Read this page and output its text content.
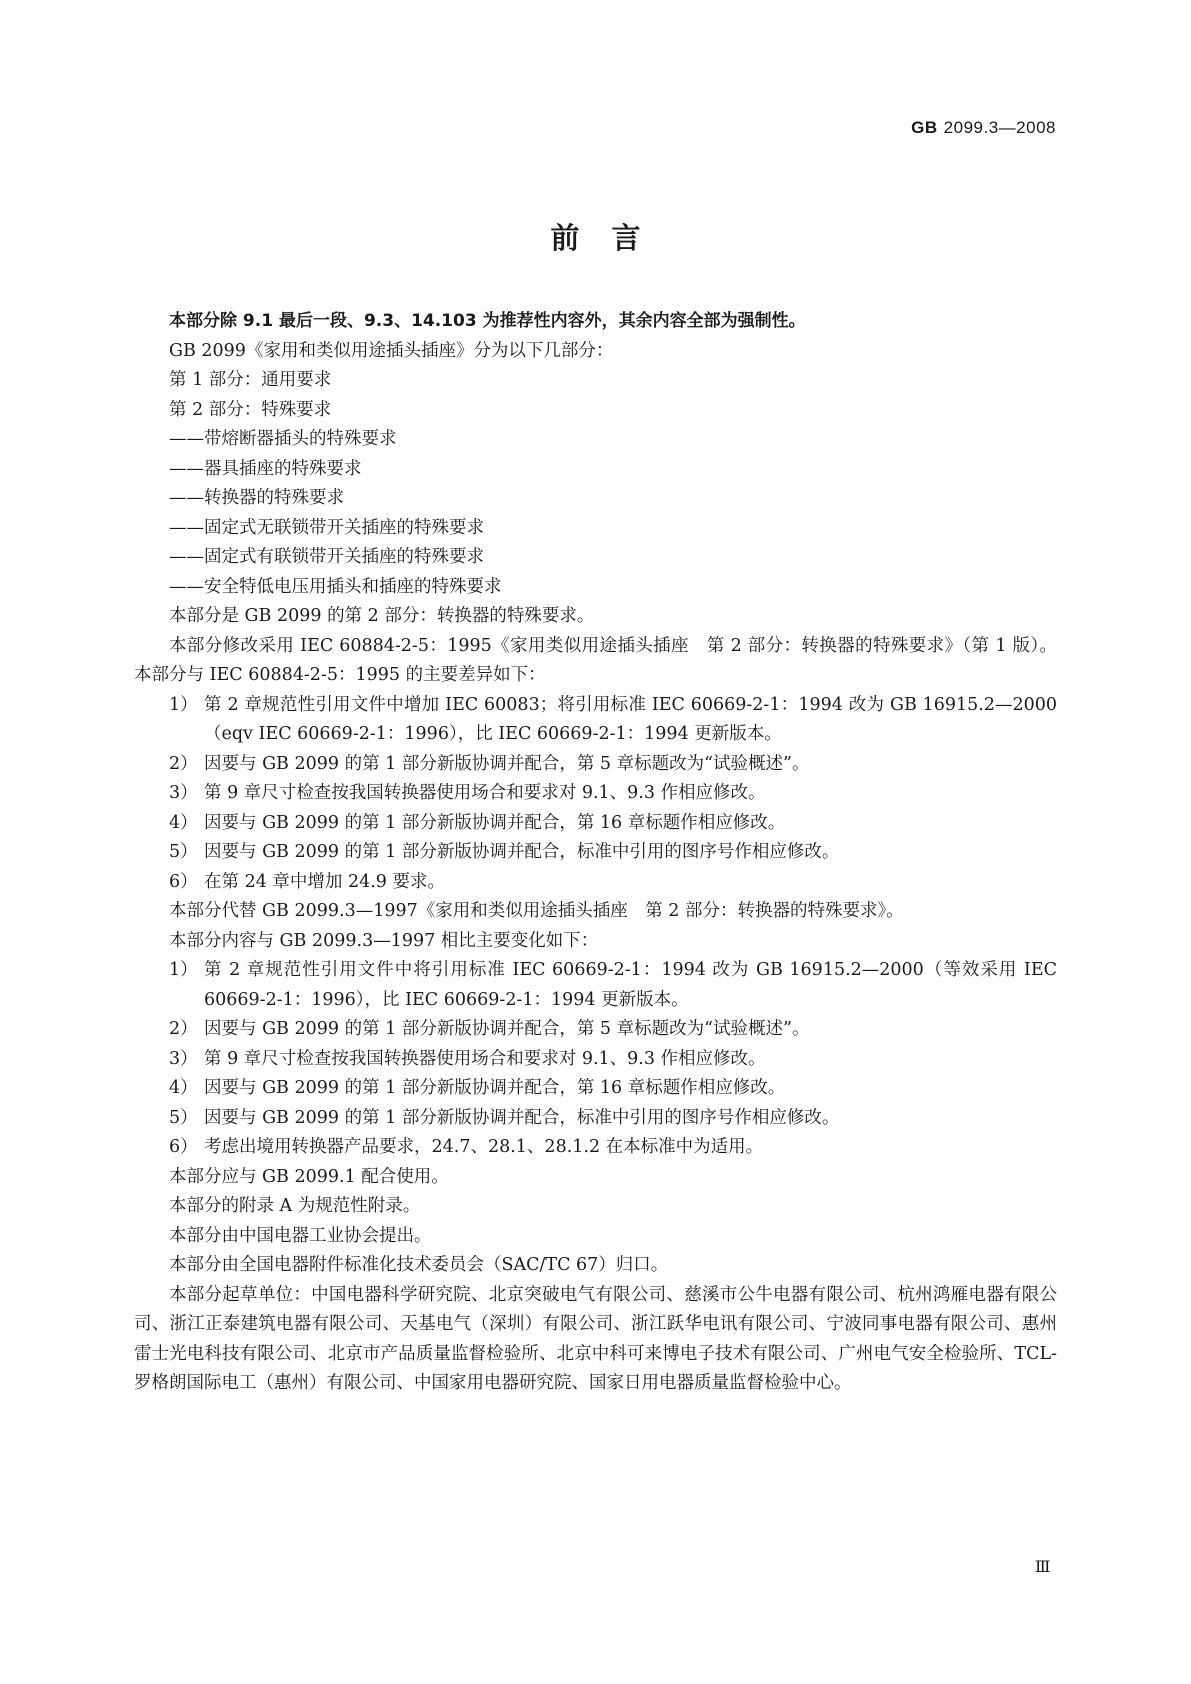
GB 2099.3—2008
前言

本部分除 9.1 最后一段、9.3、14.103 为推荐性内容外，其余内容全部为强制性。

GB 2099《家用和类似用途插头插座》分为以下几部分：

第 1 部分：通用要求

第 2 部分：特殊要求

——带熔断器插头的特殊要求

——器具插座的特殊要求

——转换器的特殊要求

——固定式无联锁带开关插座的特殊要求

——固定式有联锁带开关插座的特殊要求

——安全特低电压用插头和插座的特殊要求

本部分是 GB 2099 的第 2 部分：转换器的特殊要求。

本部分修改采用 IEC 60884-2-5：1995《家用类似用途插头插座　第 2 部分：转换器的特殊要求》（第 1 版）。本部分与 IEC 60884-2-5：1995 的主要差异如下：

1） 第 2 章规范性引用文件中增加 IEC 60083；将引用标准 IEC 60669-2-1：1994 改为 GB 16915.2—2000（eqv IEC 60669-2-1：1996），比 IEC 60669-2-1：1994 更新版本。
2） 因要与 GB 2099 的第 1 部分新版协调并配合，第 5 章标题改为“试验概述”。
3） 第 9 章尺寸检查按我国转换器使用场合和要求对 9.1、9.3 作相应修改。
4） 因要与 GB 2099 的第 1 部分新版协调并配合，第 16 章标题作相应修改。
5） 因要与 GB 2099 的第 1 部分新版协调并配合，标准中引用的图序号作相应修改。
6） 在第 24 章中增加 24.9 要求。

本部分代替 GB 2099.3—1997《家用和类似用途插头插座　第 2 部分：转换器的特殊要求》。

本部分内容与 GB 2099.3—1997 相比主要变化如下：

1） 第 2 章规范性引用文件中将引用标准 IEC 60669-2-1：1994 改为 GB 16915.2—2000（等效采用 IEC 60669-2-1：1996），比 IEC 60669-2-1：1994 更新版本。
2） 因要与 GB 2099 的第 1 部分新版协调并配合，第 5 章标题改为“试验概述”。
3） 第 9 章尺寸检查按我国转换器使用场合和要求对 9.1、9.3 作相应修改。
4） 因要与 GB 2099 的第 1 部分新版协调并配合，第 16 章标题作相应修改。
5） 因要与 GB 2099 的第 1 部分新版协调并配合，标准中引用的图序号作相应修改。
6） 考虑出境用转换器产品要求，24.7、28.1、28.1.2 在本标准中为适用。

本部分应与 GB 2099.1 配合使用。

本部分的附录 A 为规范性附录。

本部分由中国电器工业协会提出。

本部分由全国电器附件标准化技术委员会（SAC/TC 67）归口。

本部分起草单位：中国电器科学研究院、北京突破电气有限公司、慈溪市公牛电器有限公司、杭州鸿雁电器有限公司、浙江正泰建筑电器有限公司、天基电气（深圳）有限公司、浙江跃华电讯有限公司、宁波同事电器有限公司、惠州雷士光电科技有限公司、北京市产品质量监督检验所、北京中科可来博电子技术有限公司、广州电气安全检验所、TCL-罗格朗国际电工（惠州）有限公司、中国家用电器研究院、国家日用电器质量监督检验中心。

Ⅲ
